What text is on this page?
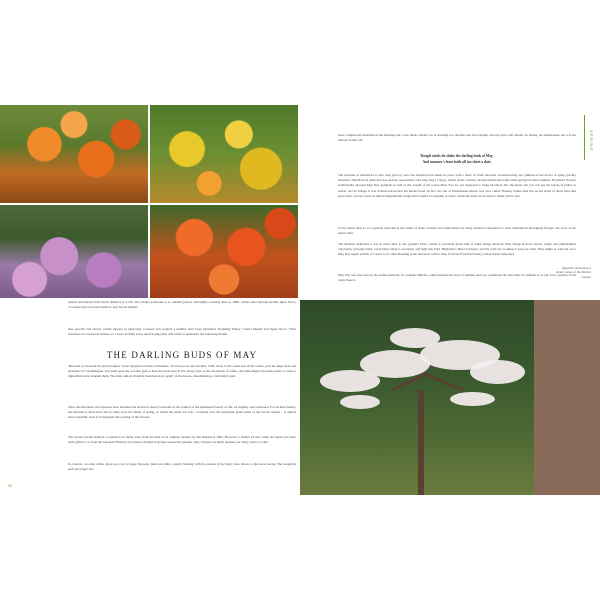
azaleas introduced from North America in 1734. The Azalea ponticum or A. luteum (yellow and highly scented) dates to 1800, whilst other hybrids include Ignea Nova, 'Coccinea Speciosa Narcissiflora' and 'Gloria Mundi'.
One specific bed always carries interest as gloriously coloured and scented; a number have been identified, including 'Pallas', 'Gloria Mundi' and 'Ignea Nova'. Their branches are covered in lichens, so I look carefully every April hoping they will return to splendour the following month.
THE DARLING BUDS OF MAY
'Blossom by blossom the spring begins' wrote Algernon Charles Swinburne, Victorian poet and novelist. Walk down to the south east of the Castle, past the huge head and shoulders of Charlemagne, and push open the wooden gate to hear the birds sing in the cherry trees as the thousands of white- and pink-tinged blossoms seem to create a light-filled snow beneath them. The slim, almost invisible branches move gently in the breeze, disseminating a faint light scent.
Since ancient times, the Japanese have heralded the arrival of cherry blossoms as the symbol of the ephemeral beauty of life, its fragility and transience. For all their beauty, the blossom is short-lived but in some ways the finale of spring, in which the petals are soft – scattered over the serpentine green paths of the Secret Garden – is almost more beautiful, even if it represents the passing of the flowers.
The Secret Garden shelters a collection of cherry trees from the time of its original creation by Jim Russell in 1962. However, a further 23 new white and pink trees have been gifted to us from the Japanese Embassy in London. Planted in groups around the gardens, they will give us much pleasure for many years to come.
In contrast, on other walks, there are rows of apple blossom, pink and white, quietly bursting with the sounds of the many bees drawn to the sweet nectar. The songbirds perform longer and
32
more complicated melodies in the morning but I own them a thank you at morning too. Another ten days though, and the glory will already be fading. As Shakespeare put it in his famous Sonnet 18:
Rough winds do shake the darling buds of May,
And summer's lease hath all too short a date.
The blossom of blackthorn is also long gone by now but hawthorn has taken its place with a mass of white blossom overshadowing any glimpse of the leaves or spiny, prickly branches. Hawthorn in particular has ancient associations with May Day (1 May), which in the country calendar marks the point when spring becomes summer. Hawthorn flowers traditionally adorned May Day garlands as well as the wreath of the Green Man. You are not supposed to bring hawthorn into the house but you can use the leaves in jellies or salads, and its foliage it was in these leaves that the faeries lived. In fact, the site of Westminster Abbey was once called Thorney Island after the sacred stand of thorn trees that grew there. It does create an almost impenetrable hedge that's useful for keeping in cattle, whilst the bark can be used to make yellow dye.
To my mind, May is, in a general rejoicing at the return of better weather and whilst there are many medieval references to such celebrations throughout Europe, the roots of are much older.
The Romans dedicated a day in early May to the goddess Flora, which is practiced given Out of April brings showers, May brings flowers. Roses, tulips and philadelphus vigorously growing home; everywhere there is an energy and light that Paul, Highclere's Head Gardener, and his team are working to keep up with. They might as well put out a May Day signal (which of course to its other meaning is the universal call for help, from the French m'aidez), which means 'help me').
May Day also has roots in the earlier festivals, for example Beltane, which marked the start of summer and was considered the best time for animals to be put out to pasture. Even today there is
Opposite: blossom in a shady corner of the Monk's Garden
SPRING
